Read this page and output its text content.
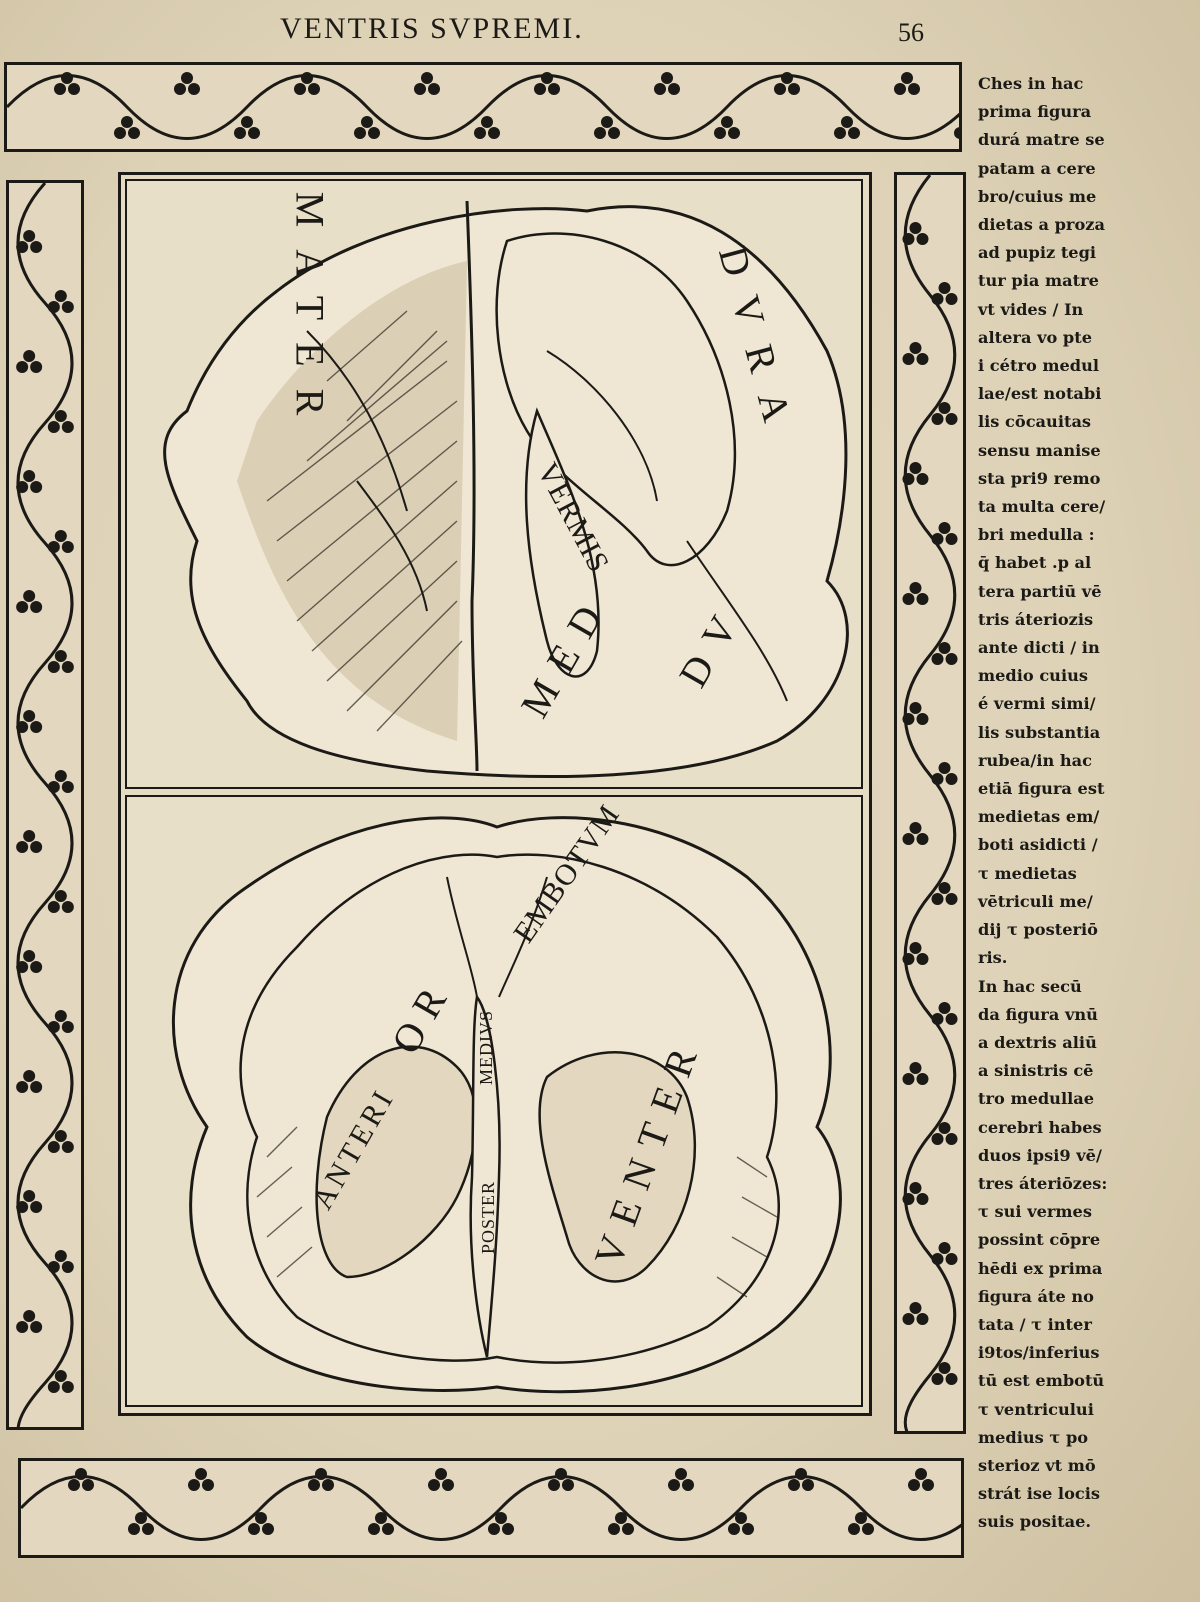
VENTRIS SVPREMI.	56
MATER	DVRA
MED DV
VERMIS
EMBOTVM
OR
ANTERI
MEDIVS
POSTER VENTER
Ches in hac
prima figura
durá matre se
patam a cere
bro/cuius me
dietas a proza
ad pupiz tegi
tur pia matre
vt vides / In
altera vo pte
i cétro medul
lae/est notabi
lis cōcauitas
sensu manise
sta pri9 remo
ta multa cere/
bri medulla :
q̄ habet .p al
tera partiū vē
tris áteriozis
ante dicti / in
medio cuius
é vermi simi/
lis substantia
rubea/in hac
etiā figura est
medietas em/
boti asidicti /
τ medietas
vētriculi me/
dij τ posteriō
ris.
In hac secū
da figura vnū
a dextris aliū
a sinistris cē
tro medullae
cerebri habes
duos ipsi9 vē/
tres áteriōzes:
τ sui vermes
possint cōpre
hēdi ex prima
figura áte no
tata / τ inter
i9tos/inferius
tū est embotū
τ ventricului
medius τ po
sterioz vt mō
strát ise locis
suis positae.
